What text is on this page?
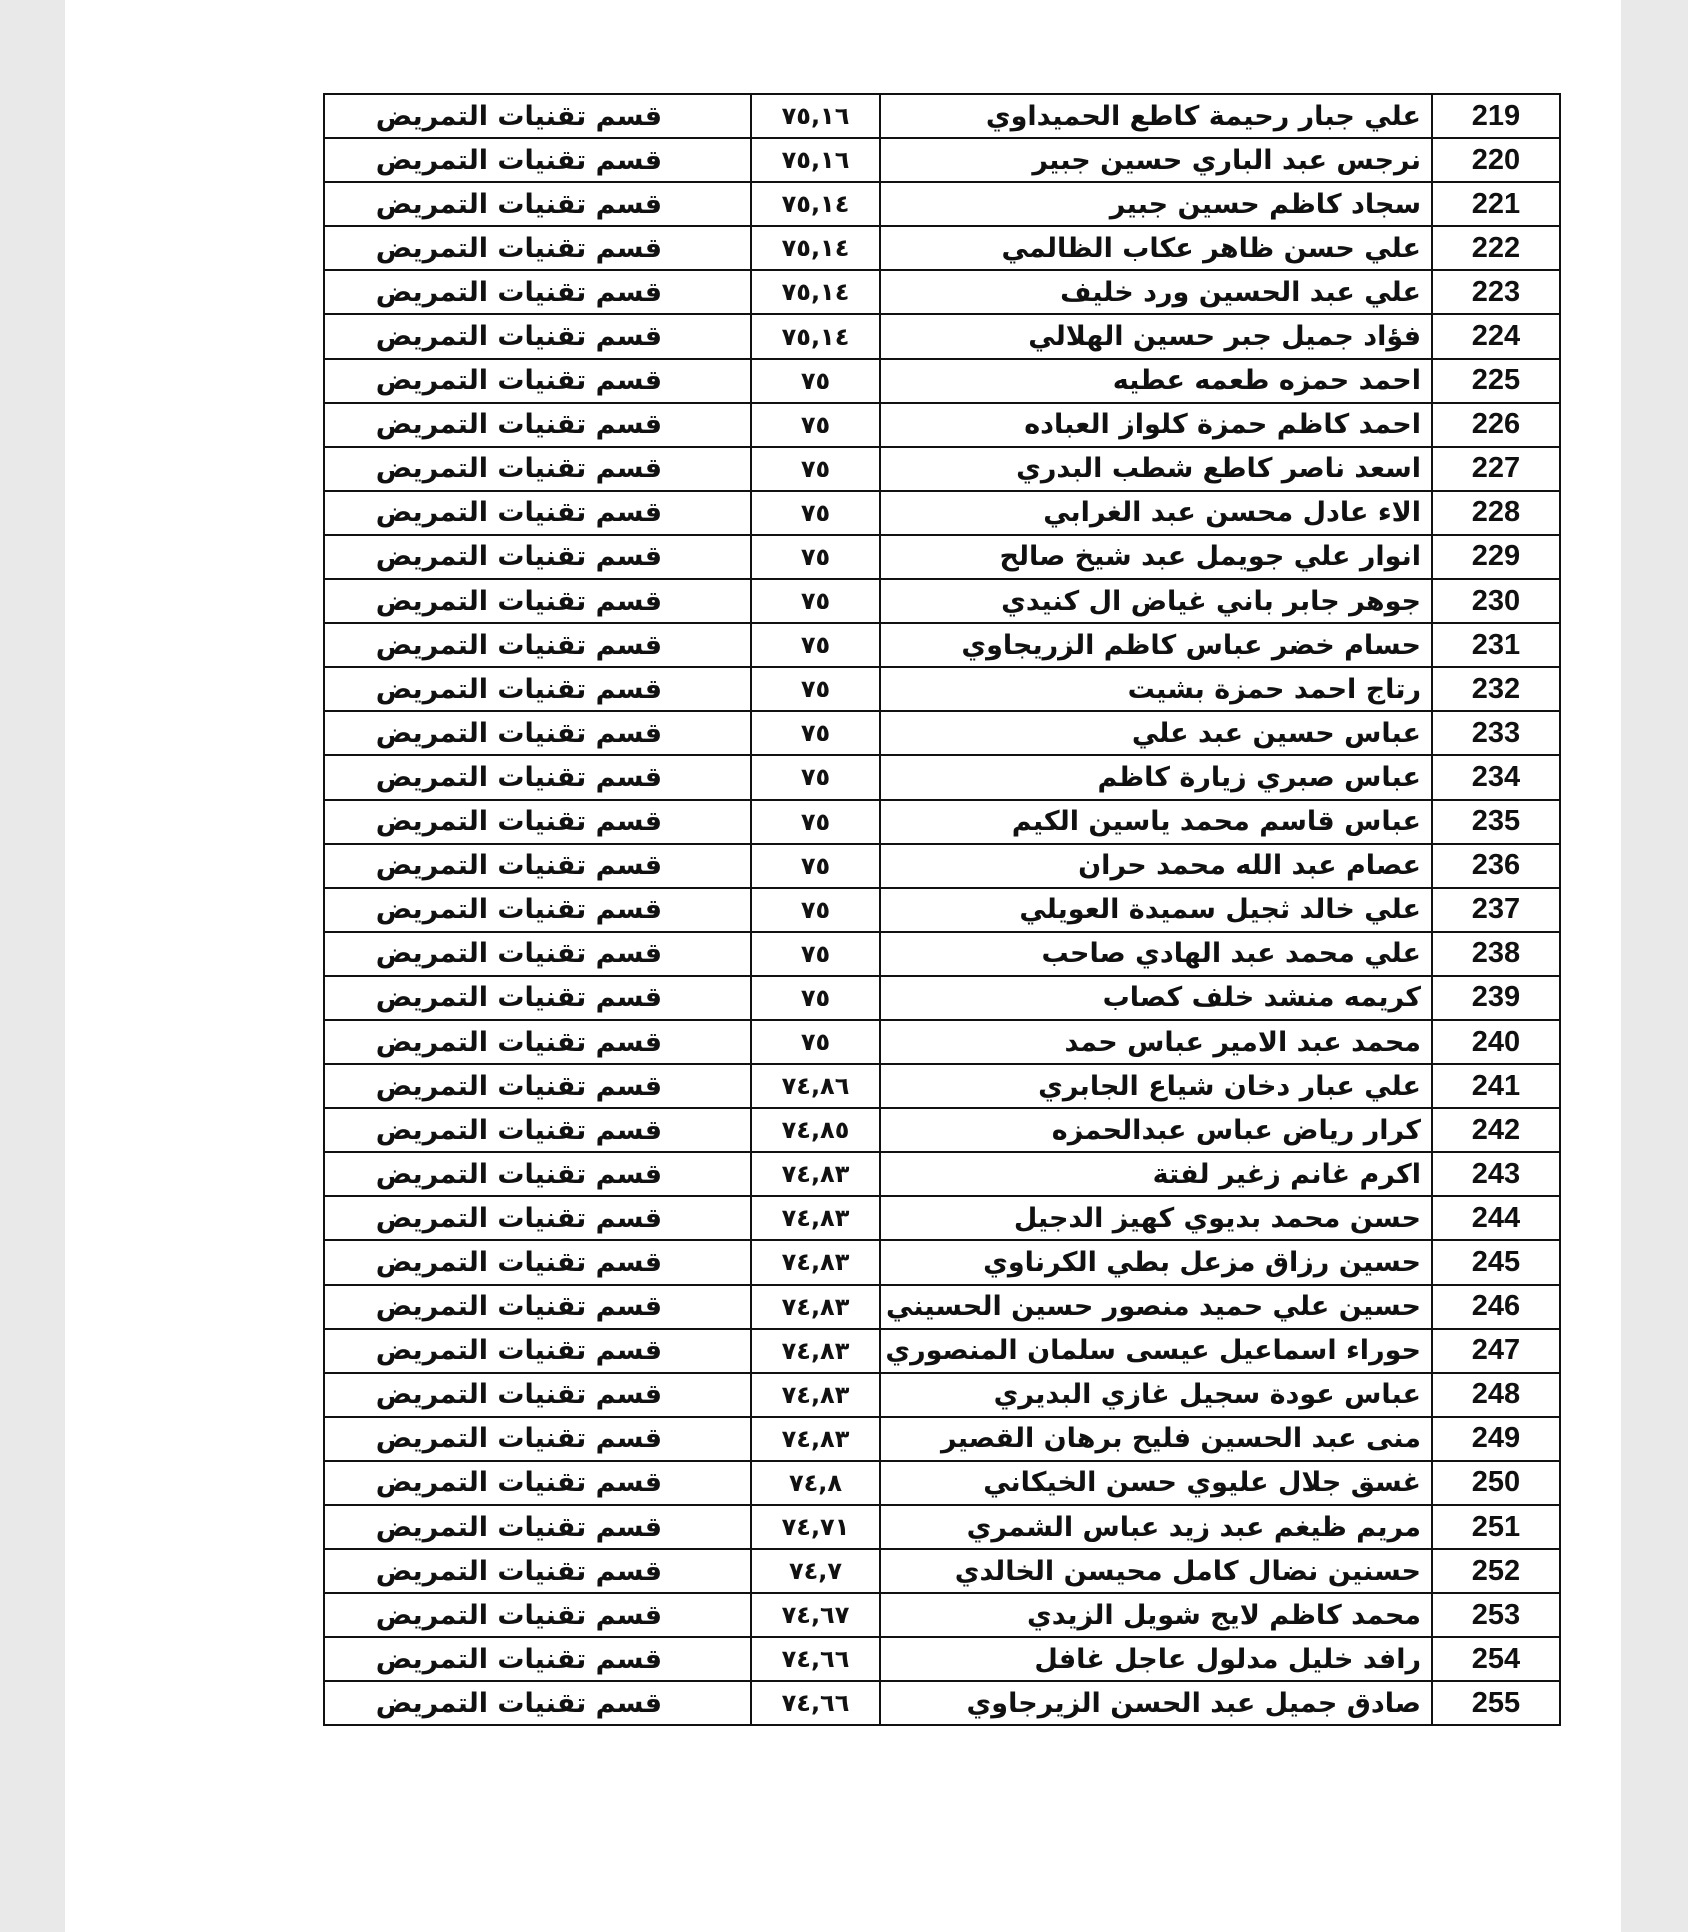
219	علي جبار رحيمة كاطع الحميداوي	٧٥,١٦	قسم تقنيات التمريض
220	نرجس عبد الباري حسين جبير	٧٥,١٦	قسم تقنيات التمريض
221	سجاد كاظم حسين جبير	٧٥,١٤	قسم تقنيات التمريض
222	علي حسن ظاهر عكاب الظالمي	٧٥,١٤	قسم تقنيات التمريض
223	علي عبد الحسين ورد خليف	٧٥,١٤	قسم تقنيات التمريض
224	فؤاد جميل جبر حسين الهلالي	٧٥,١٤	قسم تقنيات التمريض
225	احمد حمزه طعمه عطيه	٧٥	قسم تقنيات التمريض
226	احمد كاظم حمزة كلواز العباده	٧٥	قسم تقنيات التمريض
227	اسعد ناصر كاطع شطب البدري	٧٥	قسم تقنيات التمريض
228	الاء عادل محسن عبد الغرابي	٧٥	قسم تقنيات التمريض
229	انوار علي جويمل عبد شيخ صالح	٧٥	قسم تقنيات التمريض
230	جوهر جابر باني غياض ال كنيدي	٧٥	قسم تقنيات التمريض
231	حسام خضر عباس كاظم الزريجاوي	٧٥	قسم تقنيات التمريض
232	رتاج احمد حمزة بشيت	٧٥	قسم تقنيات التمريض
233	عباس حسين عبد علي	٧٥	قسم تقنيات التمريض
234	عباس صبري زيارة كاظم	٧٥	قسم تقنيات التمريض
235	عباس قاسم محمد ياسين الكيم	٧٥	قسم تقنيات التمريض
236	عصام عبد الله محمد حران	٧٥	قسم تقنيات التمريض
237	علي خالد ثجيل سميدة العويلي	٧٥	قسم تقنيات التمريض
238	علي محمد عبد الهادي صاحب	٧٥	قسم تقنيات التمريض
239	كريمه منشد خلف كصاب	٧٥	قسم تقنيات التمريض
240	محمد عبد الامير عباس حمد	٧٥	قسم تقنيات التمريض
241	علي عبار دخان شياع الجابري	٧٤,٨٦	قسم تقنيات التمريض
242	كرار رياض عباس عبدالحمزه	٧٤,٨٥	قسم تقنيات التمريض
243	اكرم غانم زغير لفتة	٧٤,٨٣	قسم تقنيات التمريض
244	حسن محمد بديوي كهيز الدجيل	٧٤,٨٣	قسم تقنيات التمريض
245	حسين رزاق مزعل بطي الكرناوي	٧٤,٨٣	قسم تقنيات التمريض
246	حسين علي حميد منصور حسين الحسيني	٧٤,٨٣	قسم تقنيات التمريض
247	حوراء اسماعيل عيسى سلمان المنصوري	٧٤,٨٣	قسم تقنيات التمريض
248	عباس عودة سجيل غازي البديري	٧٤,٨٣	قسم تقنيات التمريض
249	منى عبد الحسين فليح برهان القصير	٧٤,٨٣	قسم تقنيات التمريض
250	غسق جلال عليوي حسن الخيكاني	٧٤,٨	قسم تقنيات التمريض
251	مريم ظيغم عبد زيد عباس الشمري	٧٤,٧١	قسم تقنيات التمريض
252	حسنين نضال كامل محيسن الخالدي	٧٤,٧	قسم تقنيات التمريض
253	محمد كاظم لايج شويل الزيدي	٧٤,٦٧	قسم تقنيات التمريض
254	رافد خليل مدلول عاجل غافل	٧٤,٦٦	قسم تقنيات التمريض
255	صادق جميل عبد الحسن الزيرجاوي	٧٤,٦٦	قسم تقنيات التمريض
